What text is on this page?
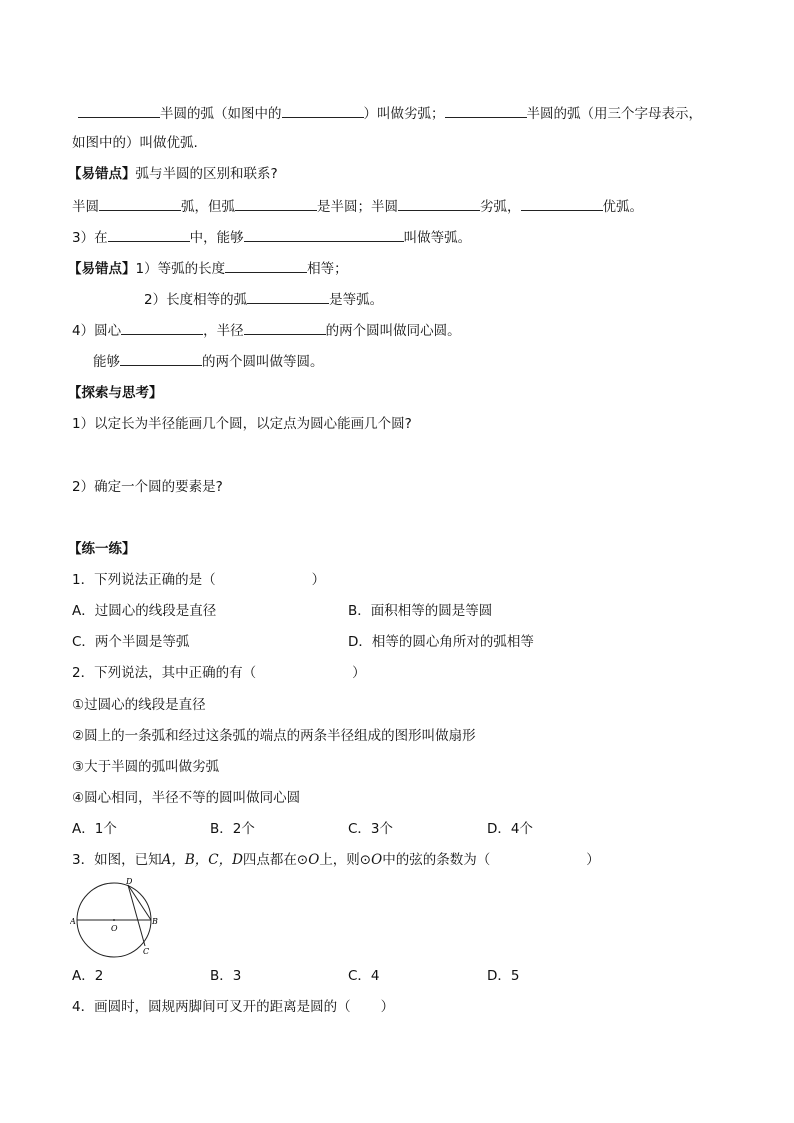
半圆的弧（如图中的	）叫做劣弧；	半圆的弧（用三个字母表示，
如图中的）叫做优弧.
【易错点】弧与半圆的区别和联系?
半圆	弧，但弧	是半圆；半圆	劣弧，	优弧。
3）在	中，能够	叫做等弧。
【易错点】1）等弧的长度	相等；
2）长度相等的弧	是等弧。
4）圆心	，半径	的两个圆叫做同心圆。
能够	的两个圆叫做等圆。
【探索与思考】
1）以定长为半径能画几个圆，以定点为圆心能画几个圆?
2）确定一个圆的要素是?
【练一练】
1．下列说法正确的是（	）
A．过圆心的线段是直径	B．面积相等的圆是等圆
C．两个半圆是等弧	D．相等的圆心角所对的弧相等
2．下列说法，其中正确的有（	）
①过圆心的线段是直径
②圆上的一条弧和经过这条弧的端点的两条半径组成的图形叫做扇形
③大于半圆的弧叫做劣弧
④圆心相同，半径不等的圆叫做同心圆
A．1个	B．2个	C．3个	D．4个
3．如图，已知A，B，C，D四点都在⊙O上，则⊙O中的弦的条数为（	）
A	B
C
D
O
A．2	B．3	C．4	D．5
4．画圆时，圆规两脚间可叉开的距离是圆的（ ）
